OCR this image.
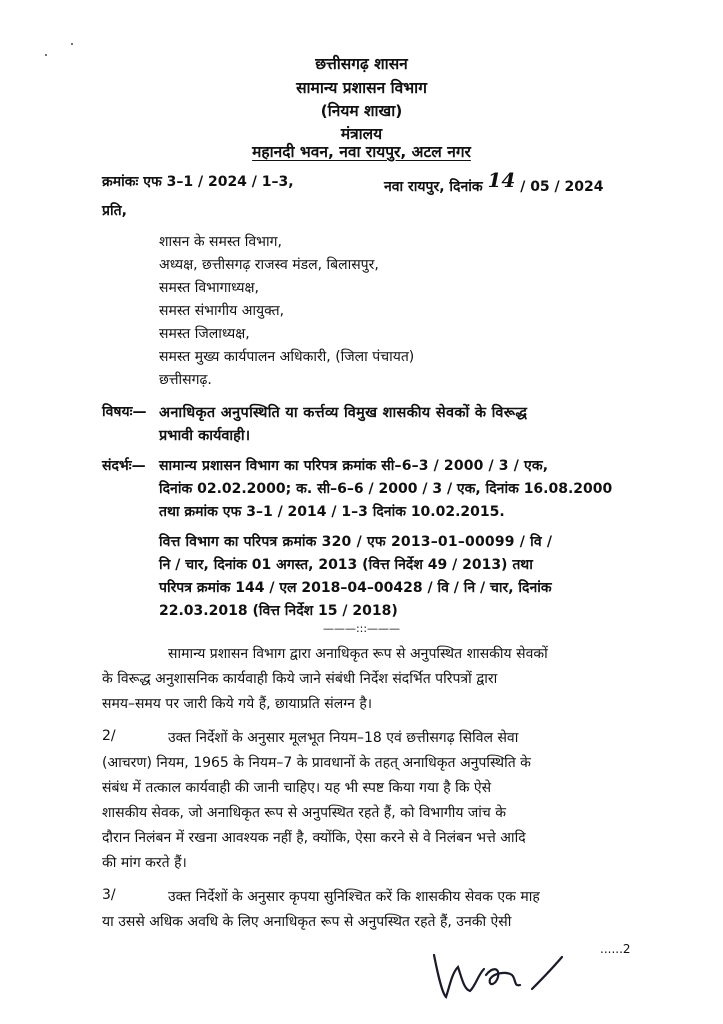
छत्तीसगढ़ शासन
सामान्य प्रशासन विभाग
(नियम शाखा)
मंत्रालय
महानदी भवन, नवा रायपुर, अटल नगर
क्रमांकः एफ 3–1 / 2024 / 1–3,	नवा रायपुर, दिनांक 14 / 05 / 2024
प्रति,
शासन के समस्त विभाग,
अध्यक्ष, छत्तीसगढ़ राजस्व मंडल, बिलासपुर,
समस्त विभागाध्यक्ष,
समस्त संभागीय आयुक्त,
समस्त जिलाध्यक्ष,
समस्त मुख्य कार्यपालन अधिकारी, (जिला पंचायत)
छत्तीसगढ़.
विषयः— अनाधिकृत अनुपस्थिति या कर्त्तव्य विमुख शासकीय सेवकों के विरूद्ध
प्रभावी कार्यवाही।
संदर्भः— सामान्य प्रशासन विभाग का परिपत्र क्रमांक सी–6–3 / 2000 / 3 / एक,
दिनांक 02.02.2000; क. सी–6–6 / 2000 / 3 / एक, दिनांक 16.08.2000
तथा क्रमांक एफ 3–1 / 2014 / 1–3 दिनांक 10.02.2015.
वित्त विभाग का परिपत्र क्रमांक 320 / एफ 2013–01–00099 / वि /
नि / चार, दिनांक 01 अगस्त, 2013 (वित्त निर्देश 49 / 2013) तथा
परिपत्र क्रमांक 144 / एल 2018–04–00428 / वि / नि / चार, दिनांक
22.03.2018 (वित्त निर्देश 15 / 2018)
———:::———
सामान्य प्रशासन विभाग द्वारा अनाधिकृत रूप से अनुपस्थित शासकीय सेवकों
के विरूद्ध अनुशासनिक कार्यवाही किये जाने संबंधी निर्देश संदर्भित परिपत्रों द्वारा
समय–समय पर जारी किये गये हैं, छायाप्रति संलग्न है।
2/	उक्त निर्देशों के अनुसार मूलभूत नियम–18 एवं छत्तीसगढ़ सिविल सेवा
(आचरण) नियम, 1965 के नियम–7 के प्रावधानों के तहत् अनाधिकृत अनुपस्थिति के
संबंध में तत्काल कार्यवाही की जानी चाहिए। यह भी स्पष्ट किया गया है कि ऐसे
शासकीय सेवक, जो अनाधिकृत रूप से अनुपस्थित रहते हैं, को विभागीय जांच के
दौरान निलंबन में रखना आवश्यक नहीं है, क्योंकि, ऐसा करने से वे निलंबन भत्ते आदि
की मांग करते हैं।
3/	उक्त निर्देशों के अनुसार कृपया सुनिश्चित करें कि शासकीय सेवक एक माह
या उससे अधिक अवधि के लिए अनाधिकृत रूप से अनुपस्थित रहते हैं, उनकी ऐसी
......2
